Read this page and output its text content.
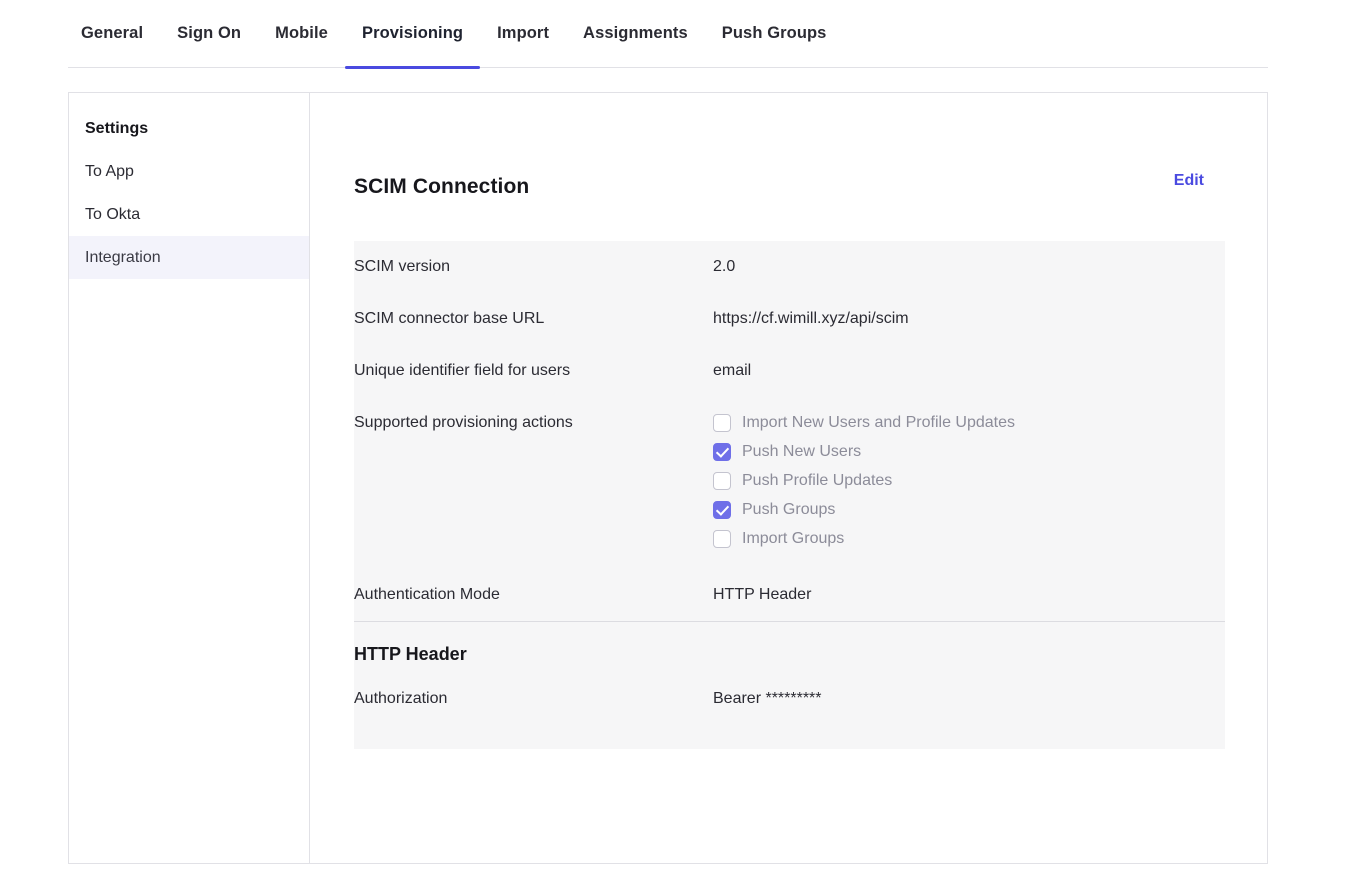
General Sign On Mobile Provisioning Import Assignments Push Groups
Settings
To App
To Okta
Integration
SCIM Connection	Edit
SCIM version	2.0
SCIM connector base URL	https://cf.wimill.xyz/api/scim
Unique identifier field for users	email
Supported provisioning actions	Import New Users and Profile Updates
Push New Users
Push Profile Updates
Push Groups
Import Groups
Authentication Mode	HTTP Header
HTTP Header
Authorization	Bearer *********
